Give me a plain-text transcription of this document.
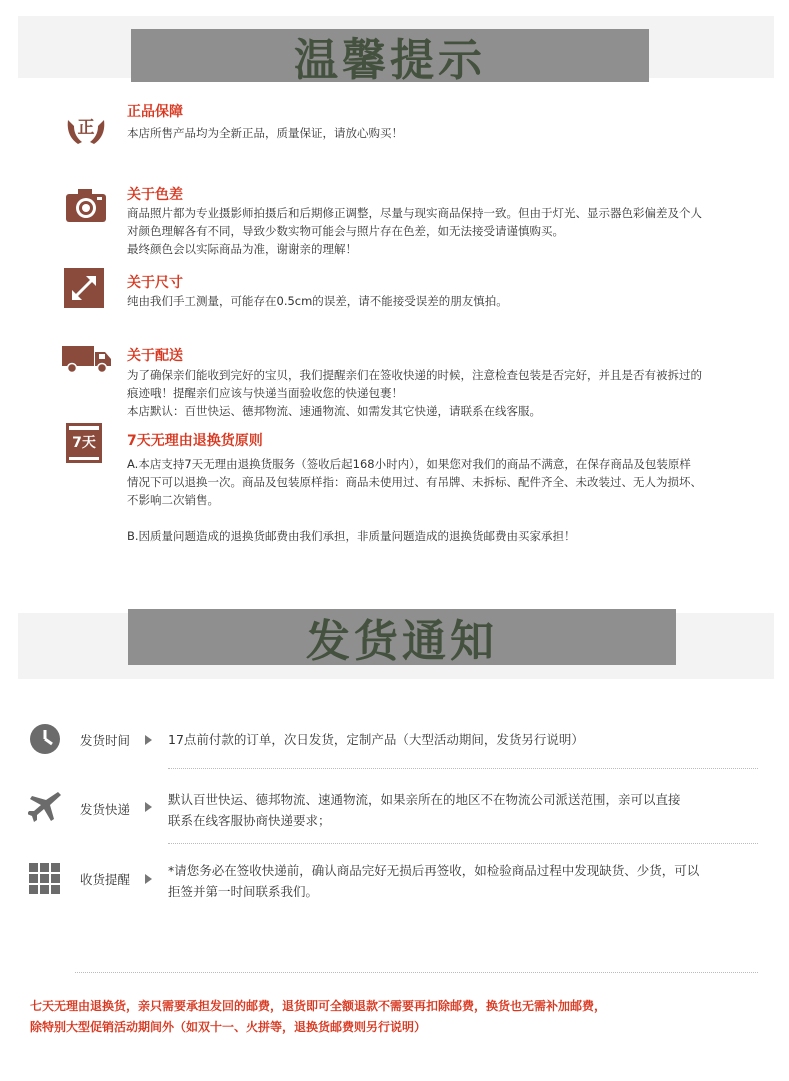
温馨提示
正
正品保障

本店所售产品均为全新正品，质量保证，请放心购买！

关于色差

商品照片都为专业摄影师拍摄后和后期修正调整，尽量与现实商品保持一致。但由于灯光、显示器色彩偏差及个人

对颜色理解各有不同，导致少数实物可能会与照片存在色差，如无法接受请谨慎购买。

最终颜色会以实际商品为准，谢谢亲的理解！

关于尺寸

纯由我们手工测量，可能存在0.5cm的误差，请不能接受误差的朋友慎拍。

关于配送

为了确保亲们能收到完好的宝贝，我们提醒亲们在签收快递的时候，注意检查包装是否完好，并且是否有被拆过的

痕迹哦！提醒亲们应该与快递当面验收您的快递包裹！

本店默认：百世快运、德邦物流、速通物流、如需发其它快递，请联系在线客服。

7天	7天无理由退换货原则

A.本店支持7天无理由退换货服务（签收后起168小时内），如果您对我们的商品不满意，在保存商品及包装原样

情况下可以退换一次。商品及包装原样指：商品未使用过、有吊牌、未拆标、配件齐全、未改装过、无人为损坏、

不影响二次销售。

B.因质量问题造成的退换货邮费由我们承担，非质量问题造成的退换货邮费由买家承担！

发货通知
发货时间	17点前付款的订单，次日发货，定制产品（大型活动期间，发货另行说明）

发货快递

默认百世快运、德邦物流、速通物流，如果亲所在的地区不在物流公司派送范围，亲可以直接

联系在线客服协商快递要求；

收货提醒

*请您务必在签收快递前，确认商品完好无损后再签收，如检验商品过程中发现缺货、少货，可以

拒签并第一时间联系我们。

七天无理由退换货，亲只需要承担发回的邮费，退货即可全额退款不需要再扣除邮费，换货也无需补加邮费，

除特别大型促销活动期间外（如双十一、火拼等，退换货邮费则另行说明）
